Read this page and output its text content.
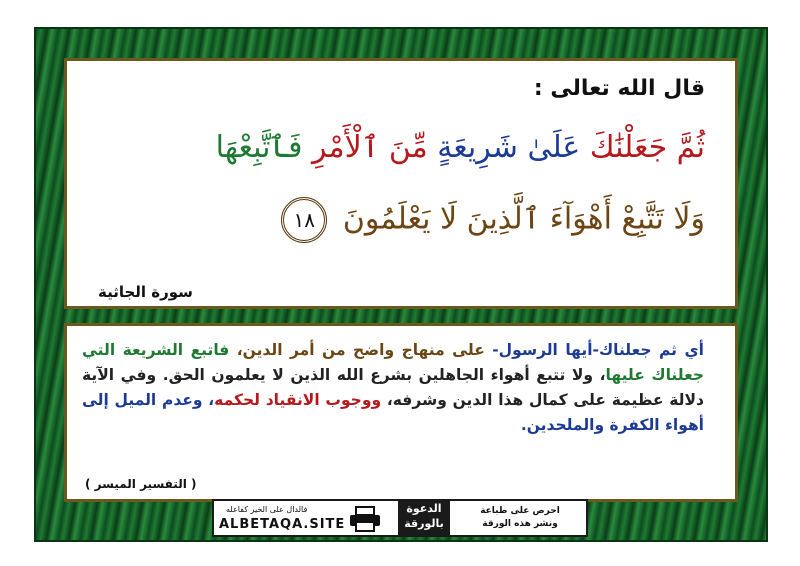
قال الله تعالى :
ثُمَّ جَعَلْنَٰكَ عَلَىٰ شَرِيعَةٍ مِّنَ ٱلْأَمْرِ فَٱتَّبِعْهَا
وَلَا تَتَّبِعْ أَهْوَآءَ ٱلَّذِينَ لَا يَعْلَمُونَ ١٨
سورة الجاثية
أي ثم جعلناك-أيها الرسول- على منهاج واضح من أمر الدين، فاتبع الشريعة التي جعلناك عليها، ولا تتبع أهواء الجاهلين بشرع الله الذين لا يعلمون الحق. وفي الآية دلالة عظيمة على كمال هذا الدين وشرفه، ووجوب الانقياد لحكمه، وعدم الميل إلى أهواء الكفرة والملحدين.
( التفسير الميسر )
فالدال على الخير كفاعله
ALBETAQA.SITE
الدعوة
بالورقة
احرص على طباعة
ونشر هذه الورقة
